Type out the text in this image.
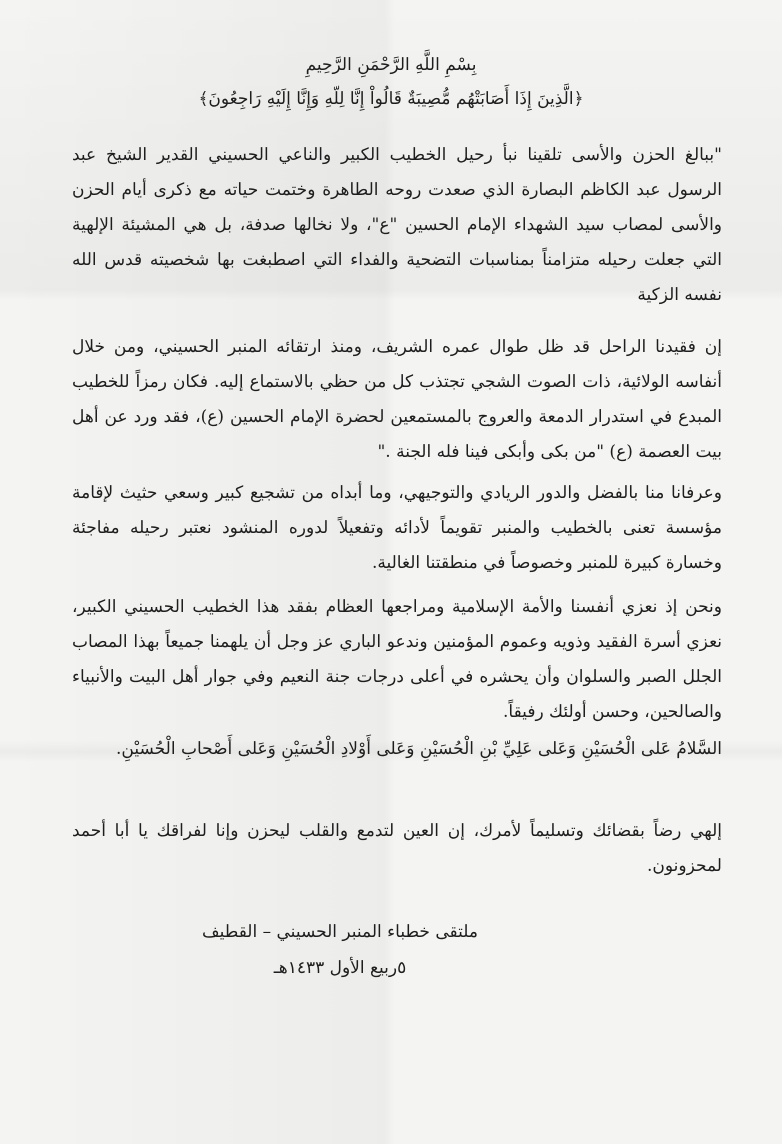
بِسْمِ اللَّهِ الرَّحْمَنِ الرَّحِيمِ
﴿الَّذِينَ إِذَا أَصَابَتْهُم مُّصِيبَةٌ قَالُواْ إِنَّا لِلّهِ وَإِنَّا إِلَيْهِ رَاجِعُونَ﴾

"ببالغ الحزن والأسى تلقينا نبأ رحيل الخطيب الكبير والناعي الحسيني القدير الشيخ عبد الرسول عبد الكاظم البصارة الذي صعدت روحه الطاهرة وختمت حياته مع ذكرى أيام الحزن والأسى لمصاب سيد الشهداء الإمام الحسين "ع"، ولا نخالها صدفة، بل هي المشيئة الإلهية التي جعلت رحيله متزامناً بمناسبات التضحية والفداء التي اصطبغت بها شخصيته قدس الله نفسه الزكية

إن فقيدنا الراحل قد ظل طوال عمره الشريف، ومنذ ارتقائه المنبر الحسيني، ومن خلال أنفاسه الولائية، ذات الصوت الشجي تجتذب كل من حظي بالاستماع إليه. فكان رمزاً للخطيب المبدع في استدرار الدمعة والعروج بالمستمعين لحضرة الإمام الحسين (ع)، فقد ورد عن أهل بيت العصمة (ع) "من بكى وأبكى فينا فله الجنة ."

وعرفانا منا بالفضل والدور الريادي والتوجيهي، وما أبداه من تشجيع كبير وسعي حثيث لإقامة مؤسسة تعنى بالخطيب والمنبر تقويماً لأدائه وتفعيلاً لدوره المنشود نعتبر رحيله مفاجئة وخسارة كبيرة للمنبر وخصوصاً في منطقتنا الغالية.

ونحن إذ نعزي أنفسنا والأمة الإسلامية ومراجعها العظام بفقد هذا الخطيب الحسيني الكبير، نعزي أسرة الفقيد وذويه وعموم المؤمنين وندعو الباري عز وجل أن يلهمنا جميعاً بهذا المصاب الجلل الصبر والسلوان وأن يحشره في أعلى درجات جنة النعيم وفي جوار أهل البيت والأنبياء والصالحين، وحسن أولئك رفيقاً.

السَّلامُ عَلى الْحُسَيْنِ وَعَلى عَلِيِّ بْنِ الْحُسَيْنِ وَعَلى أَوْلادِ الْحُسَيْنِ وَعَلى أَصْحابِ الْحُسَيْنِ.

إلهي رضاً بقضائك وتسليماً لأمرك، إن العين لتدمع والقلب ليحزن وإنا لفراقك يا أبا أحمد لمحزونون.

ملتقى خطباء المنبر الحسيني – القطيف
٥ربيع الأول ١٤٣٣هـ
